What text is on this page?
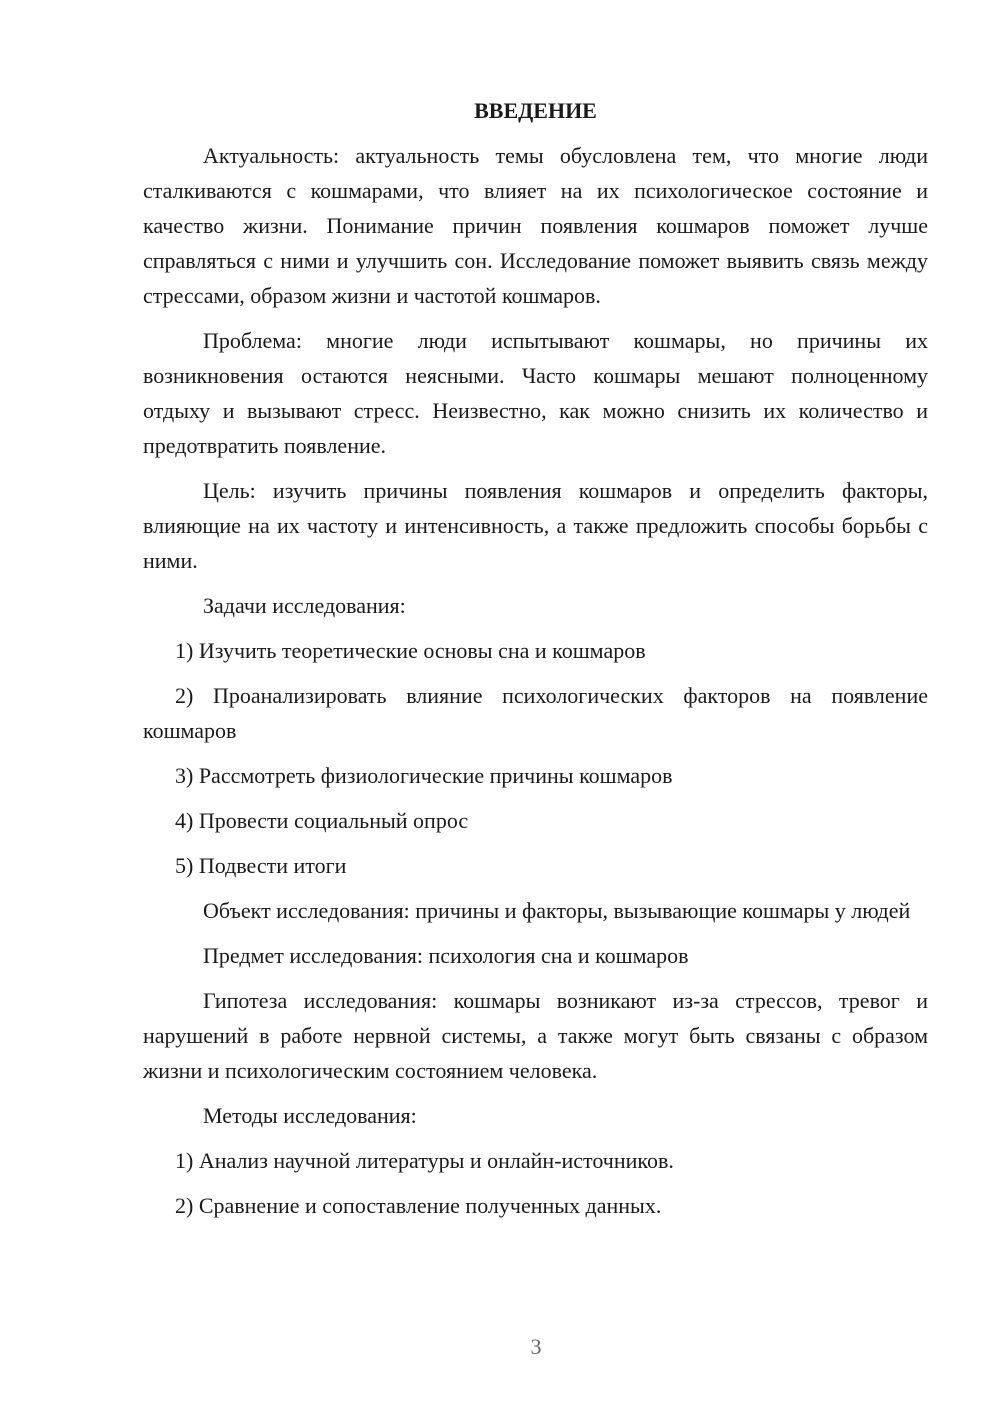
ВВЕДЕНИЕ

Актуальность: актуальность темы обусловлена тем, что многие люди сталкиваются с кошмарами, что влияет на их психологическое состояние и качество жизни. Понимание причин появления кошмаров поможет лучше справляться с ними и улучшить сон. Исследование поможет выявить связь между стрессами, образом жизни и частотой кошмаров.

Проблема: многие люди испытывают кошмары, но причины их возникновения остаются неясными. Часто кошмары мешают полноценному отдыху и вызывают стресс. Неизвестно, как можно снизить их количество и предотвратить появление.

Цель: изучить причины появления кошмаров и определить факторы, влияющие на их частоту и интенсивность, а также предложить способы борьбы с ними.

Задачи исследования:

1) Изучить теоретические основы сна и кошмаров

2) Проанализировать влияние психологических факторов на появление кошмаров

3) Рассмотреть физиологические причины кошмаров

4) Провести социальный опрос

5) Подвести итоги

Объект исследования: причины и факторы, вызывающие кошмары у людей

Предмет исследования: психология сна и кошмаров

Гипотеза исследования: кошмары возникают из-за стрессов, тревог и нарушений в работе нервной системы, а также могут быть связаны с образом жизни и психологическим состоянием человека.

Методы исследования:

1) Анализ научной литературы и онлайн-источников.

2) Сравнение и сопоставление полученных данных.

3
